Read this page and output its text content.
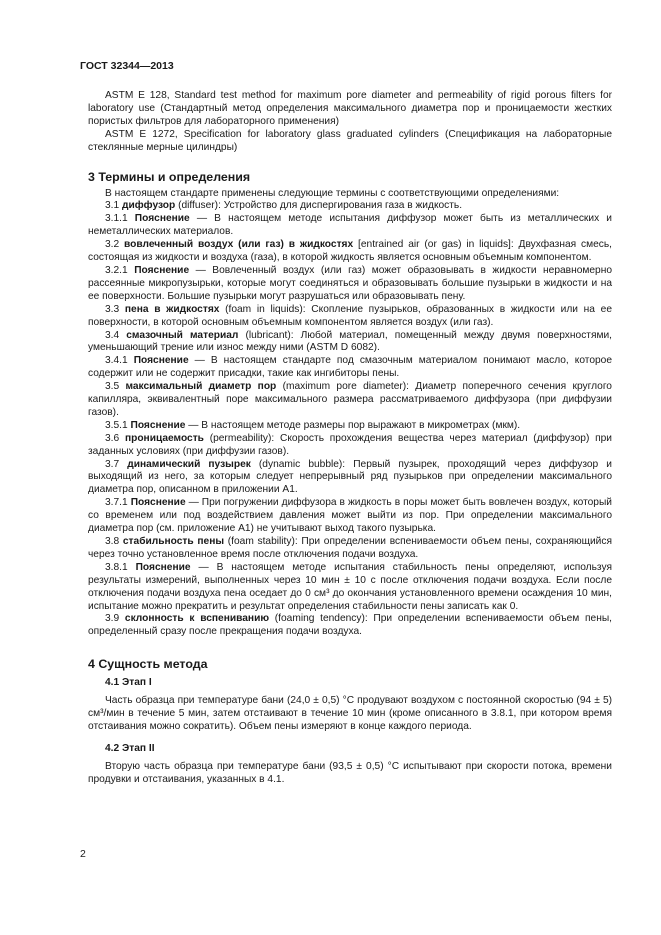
ГОСТ 32344—2013

ASTM E 128, Standard test method for maximum pore diameter and permeability of rigid porous filters for laboratory use (Стандартный метод определения максимального диаметра пор и проницаемости жестких пористых фильтров для лабораторного применения)

ASTM E 1272, Specification for laboratory glass graduated cylinders (Спецификация на лабораторные стеклянные мерные цилиндры)

3 Термины и определения

В настоящем стандарте применены следующие термины с соответствующими определениями:

3.1 диффузор (diffuser): Устройство для диспергирования газа в жидкость.

3.1.1 Пояснение — В настоящем методе испытания диффузор может быть из металлических и неметаллических материалов.

3.2 вовлеченный воздух (или газ) в жидкостях [entrained air (or gas) in liquids]: Двухфазная смесь, состоящая из жидкости и воздуха (газа), в которой жидкость является основным объемным компонентом.

3.2.1 Пояснение — Вовлеченный воздух (или газ) может образовывать в жидкости неравномерно рассеянные микропузырьки, которые могут соединяться и образовывать большие пузырьки в жидкости и на ее поверхности. Большие пузырьки могут разрушаться или образовывать пену.

3.3 пена в жидкостях (foam in liquids): Скопление пузырьков, образованных в жидкости или на ее поверхности, в которой основным объемным компонентом является воздух (или газ).

3.4 смазочный материал (lubricant): Любой материал, помещенный между двумя поверхностями, уменьшающий трение или износ между ними (ASTM D 6082).

3.4.1 Пояснение — В настоящем стандарте под смазочным материалом понимают масло, которое содержит или не содержит присадки, такие как ингибиторы пены.

3.5 максимальный диаметр пор (maximum pore diameter): Диаметр поперечного сечения круглого капилляра, эквивалентный поре максимального размера рассматриваемого диффузора (при диффузии газов).

3.5.1 Пояснение — В настоящем методе размеры пор выражают в микрометрах (мкм).

3.6 проницаемость (permeability): Скорость прохождения вещества через материал (диффузор) при заданных условиях (при диффузии газов).

3.7 динамический пузырек (dynamic bubble): Первый пузырек, проходящий через диффузор и выходящий из него, за которым следует непрерывный ряд пузырьков при определении максимального диаметра пор, описанном в приложении А1.

3.7.1 Пояснение — При погружении диффузора в жидкость в поры может быть вовлечен воздух, который со временем или под воздействием давления может выйти из пор. При определении максимального диаметра пор (см. приложение А1) не учитывают выход такого пузырька.

3.8 стабильность пены (foam stability): При определении вспениваемости объем пены, сохраняющийся через точно установленное время после отключения подачи воздуха.

3.8.1 Пояснение — В настоящем методе испытания стабильность пены определяют, используя результаты измерений, выполненных через 10 мин ± 10 с после отключения подачи воздуха. Если после отключения подачи воздуха пена оседает до 0 см³ до окончания установленного времени осаждения 10 мин, испытание можно прекратить и результат определения стабильности пены записать как 0.

3.9 склонность к вспениванию (foaming tendency): При определении вспениваемости объем пены, определенный сразу после прекращения подачи воздуха.

4 Сущность метода
4.1 Этап I

Часть образца при температуре бани (24,0 ± 0,5) °С продувают воздухом с постоянной скоростью (94 ± 5) см³/мин в течение 5 мин, затем отстаивают в течение 10 мин (кроме описанного в 3.8.1, при котором время отстаивания можно сократить). Объем пены измеряют в конце каждого периода.

4.2 Этап II

Вторую часть образца при температуре бани (93,5 ± 0,5) °С испытывают при скорости потока, времени продувки и отстаивания, указанных в 4.1.

2
